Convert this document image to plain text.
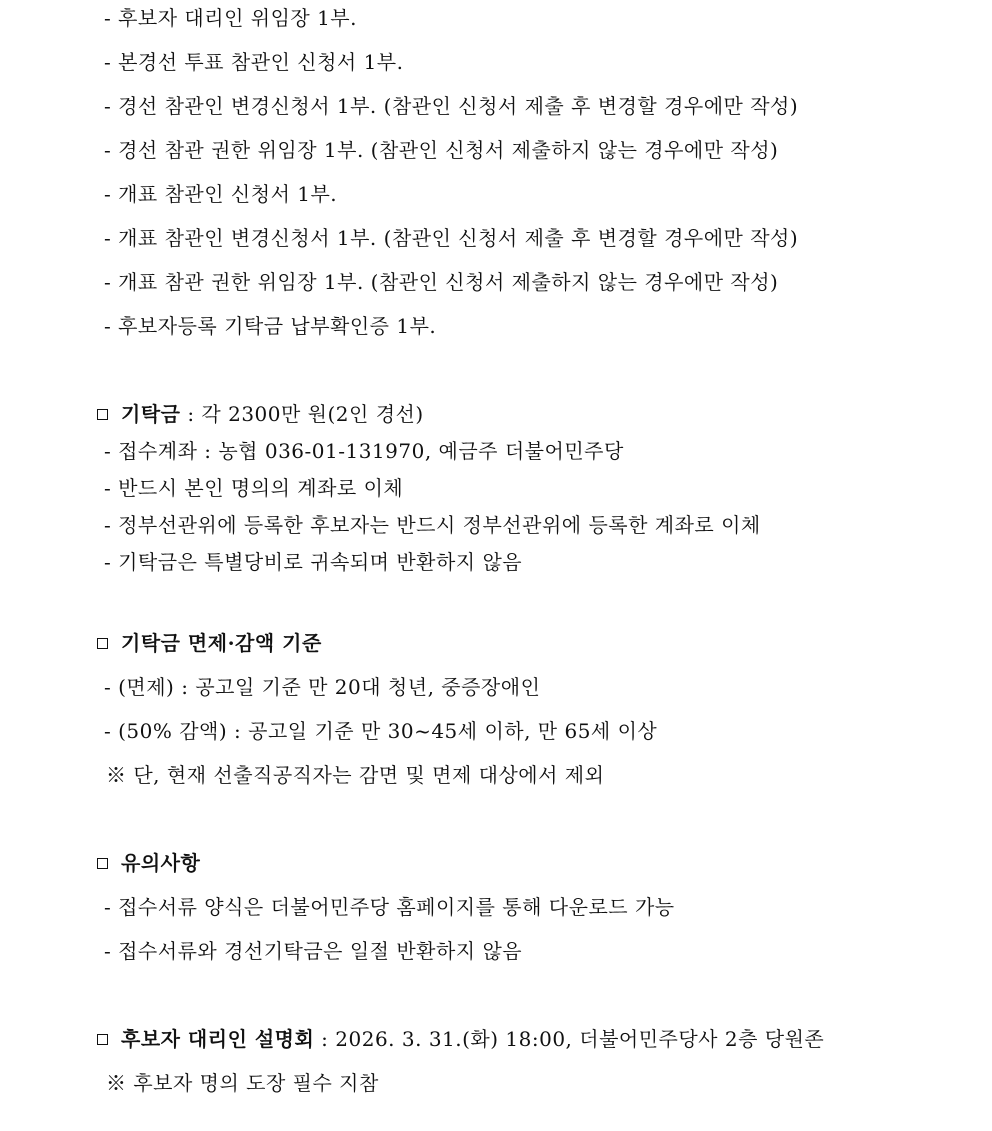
- 후보자 대리인 위임장 1부.
- 본경선 투표 참관인 신청서 1부.
- 경선 참관인 변경신청서 1부. (참관인 신청서 제출 후 변경할 경우에만 작성)
- 경선 참관 권한 위임장 1부. (참관인 신청서 제출하지 않는 경우에만 작성)
- 개표 참관인 신청서 1부.
- 개표 참관인 변경신청서 1부. (참관인 신청서 제출 후 변경할 경우에만 작성)
- 개표 참관 권한 위임장 1부. (참관인 신청서 제출하지 않는 경우에만 작성)
- 후보자등록 기탁금 납부확인증 1부.
기탁금 : 각 2300만 원(2인 경선)
- 접수계좌 : 농협 036-01-131970, 예금주 더불어민주당
- 반드시 본인 명의의 계좌로 이체
- 정부선관위에 등록한 후보자는 반드시 정부선관위에 등록한 계좌로 이체
- 기탁금은 특별당비로 귀속되며 반환하지 않음
기탁금 면제·감액 기준
- (면제) : 공고일 기준 만 20대 청년, 중증장애인
- (50% 감액) : 공고일 기준 만 30~45세 이하, 만 65세 이상
※ 단, 현재 선출직공직자는 감면 및 면제 대상에서 제외
유의사항
- 접수서류 양식은 더불어민주당 홈페이지를 통해 다운로드 가능
- 접수서류와 경선기탁금은 일절 반환하지 않음
후보자 대리인 설명회 : 2026. 3. 31.(화) 18:00, 더불어민주당사 2층 당원존
※ 후보자 명의 도장 필수 지참
